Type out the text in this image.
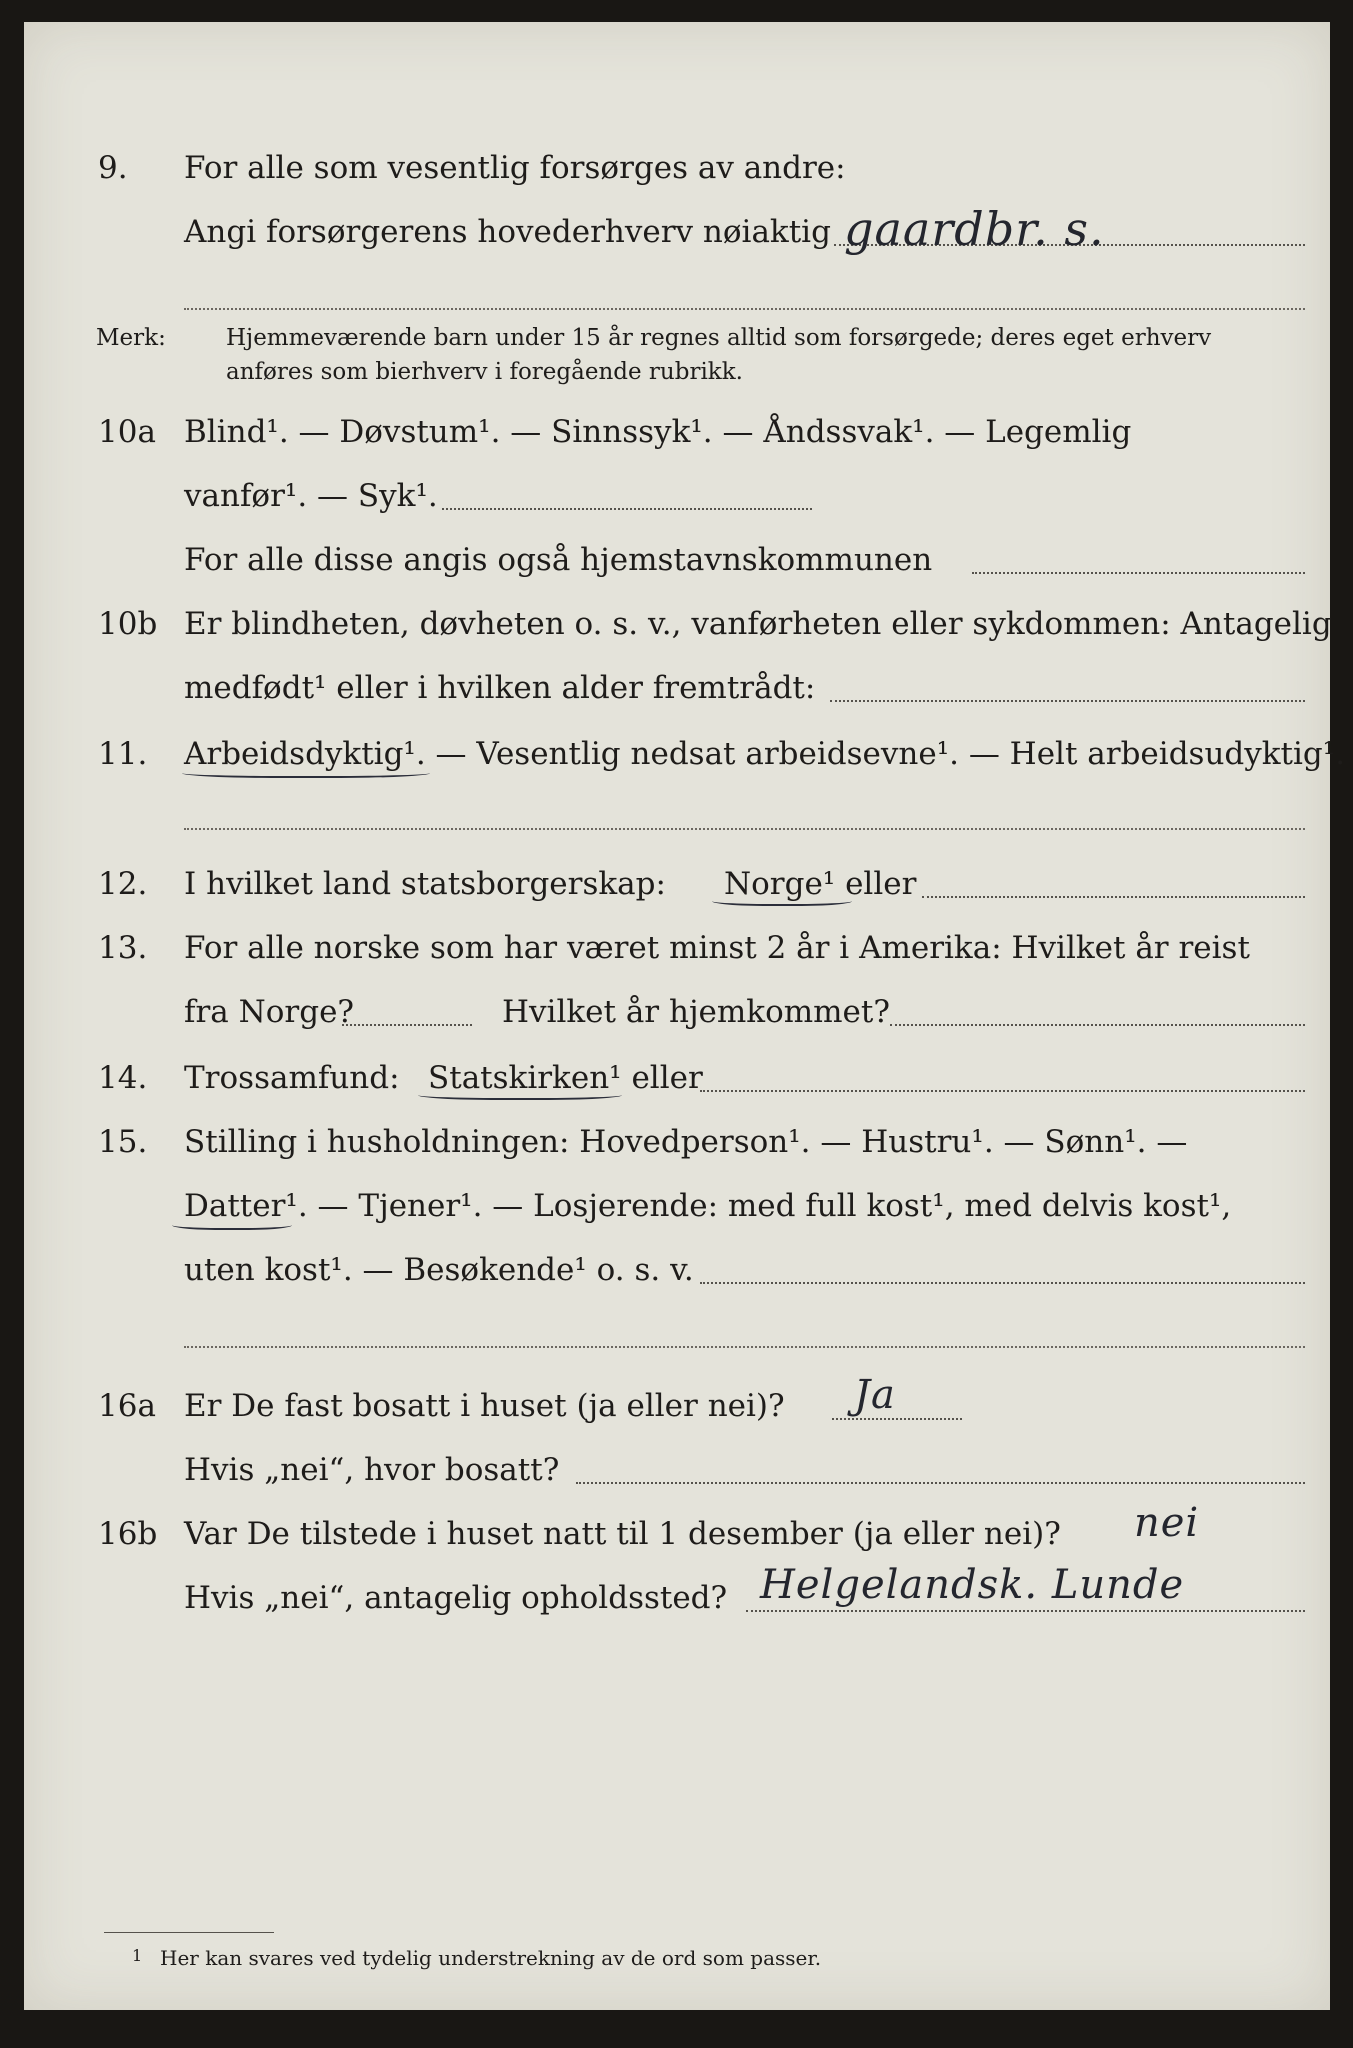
9. For alle som vesentlig forsørges av andre:
Angi forsørgerens hovederhverv nøiaktig gaardbr. s.
Merk:	Hjemmeværende barn under 15 år regnes alltid som forsørgede; deres eget erhverv
anføres som bierhverv i foregående rubrikk.
10a Blind¹. — Døvstum¹. — Sinnssyk¹. — Åndssvak¹. — Legemlig
vanfør¹. — Syk¹.
For alle disse angis også hjemstavnskommunen
10b Er blindheten, døvheten o. s. v., vanførheten eller sykdommen: Antagelig
medfødt¹ eller i hvilken alder fremtrådt:
11. Arbeidsdyktig¹. — Vesentlig nedsat arbeidsevne¹. — Helt arbeidsudyktig¹.
12. I hvilket land statsborgerskap: Norge¹ eller
13. For alle norske som har været minst 2 år i Amerika: Hvilket år reist
fra Norge?	Hvilket år hjemkommet?
14. Trossamfund: Statskirken¹ eller
15. Stilling i husholdningen: Hovedperson¹. — Hustru¹. — Sønn¹. —
Datter¹. — Tjener¹. — Losjerende: med full kost¹, med delvis kost¹,
uten kost¹. — Besøkende¹ o. s. v.
16a Er De fast bosatt i huset (ja eller nei)? Ja
Hvis „nei“, hvor bosatt?
16b Var De tilstede i huset natt til 1 desember (ja eller nei)? nei
Hvis „nei“, antagelig opholdssted? Helgelandsk. Lunde
1 Her kan svares ved tydelig understrekning av de ord som passer.
